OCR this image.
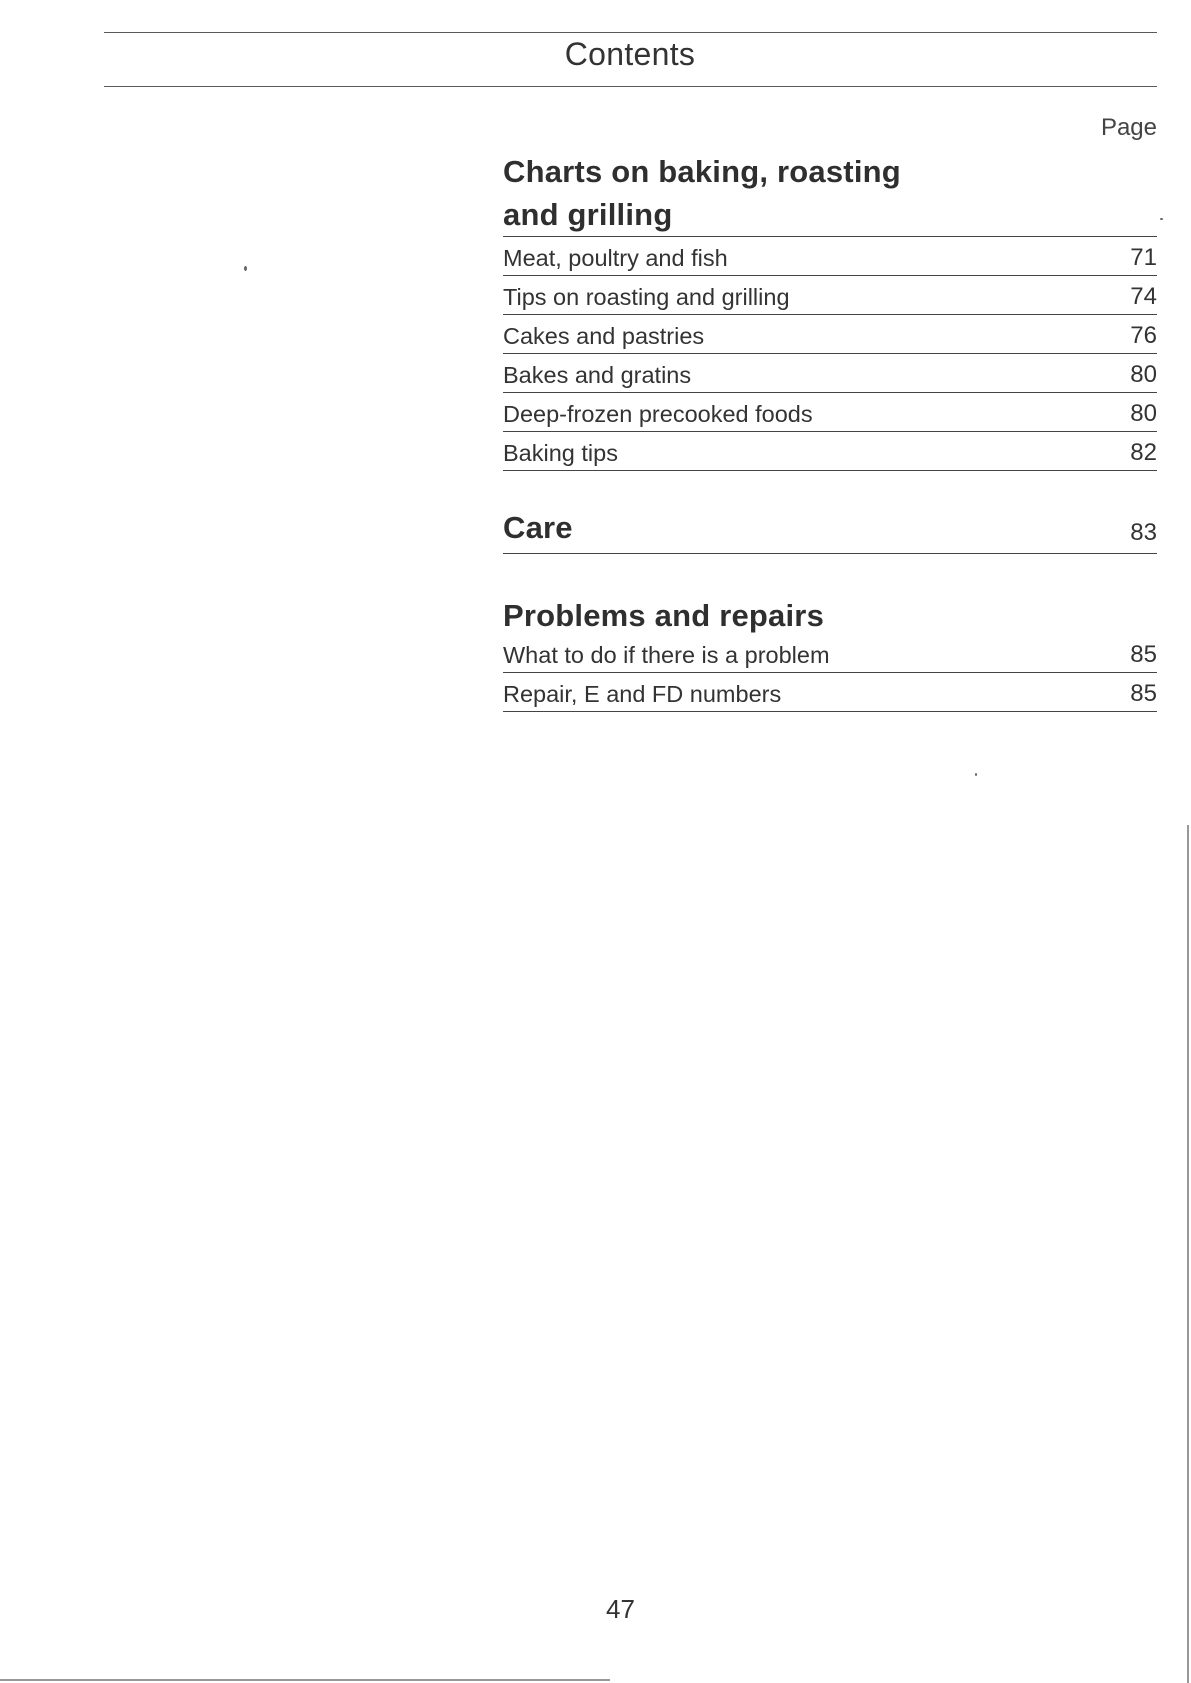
Contents
Page
Charts on baking, roasting
and grilling
Meat, poultry and fish	71
Tips on roasting and grilling	74
Cakes and pastries	76
Bakes and gratins	80
Deep-frozen precooked foods	80
Baking tips	82
Care	83
Problems and repairs
What to do if there is a problem	85
Repair, E and FD numbers	85
47
